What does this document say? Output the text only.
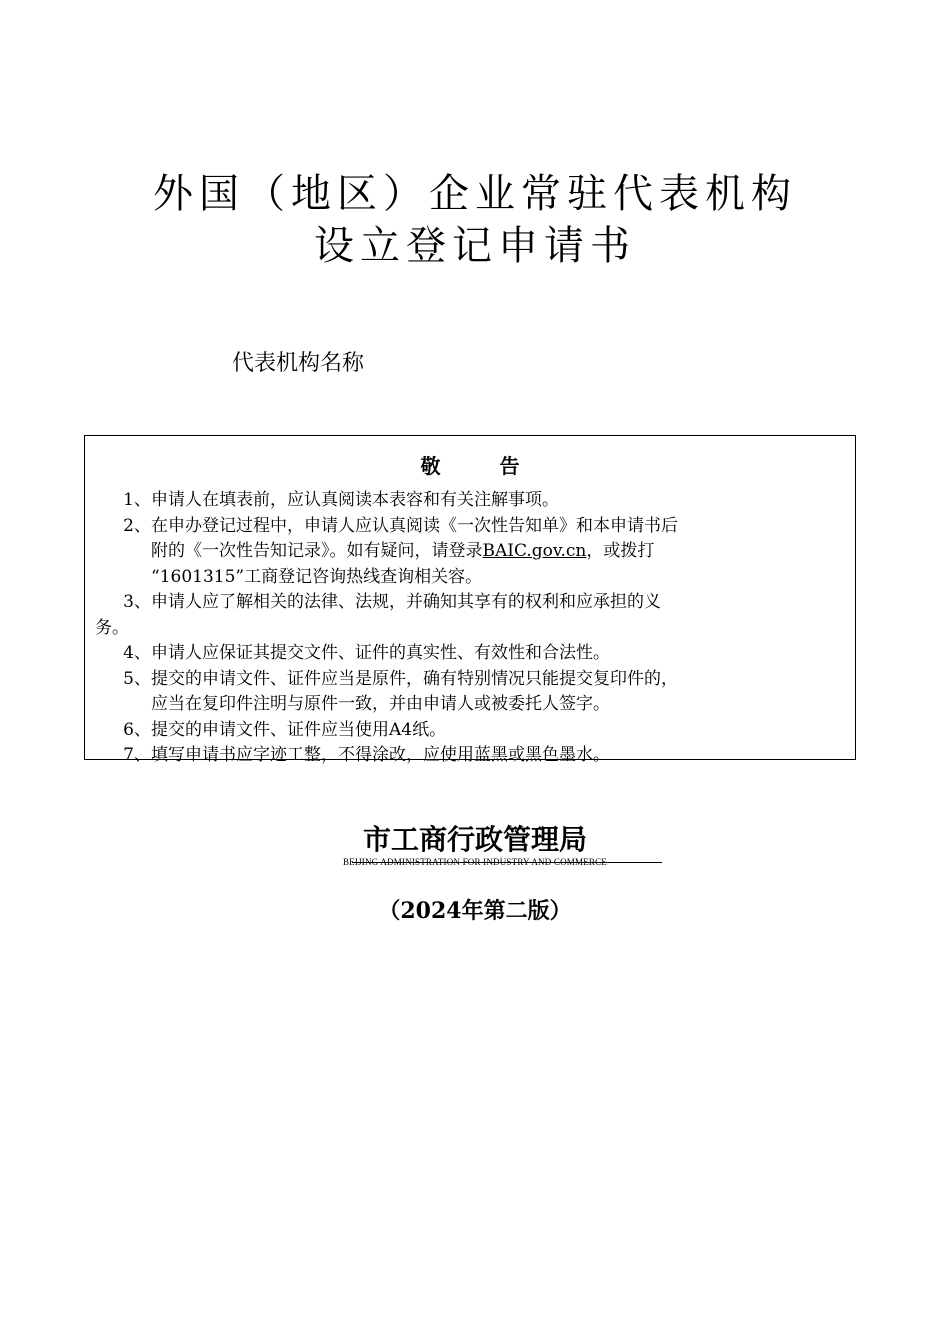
外国（地区）企业常驻代表机构
设立登记申请书
代表机构名称
敬 告
1、申请人在填表前，应认真阅读本表容和有关注解事项。
2、在申办登记过程中，申请人应认真阅读《一次性告知单》和本申请书后
附的《一次性告知记录》。如有疑问，请登录BAIC.gov.cn，或拨打
“1601315”工商登记咨询热线查询相关容。
3、申请人应了解相关的法律、法规，并确知其享有的权利和应承担的义
务。
4、申请人应保证其提交文件、证件的真实性、有效性和合法性。
5、提交的申请文件、证件应当是原件，确有特别情况只能提交复印件的，
应当在复印件注明与原件一致，并由申请人或被委托人签字。
6、提交的申请文件、证件应当使用A4纸。
7、填写申请书应字迹工整，不得涂改，应使用蓝黑或黑色墨水。
市工商行政管理局
BEIJING ADMINISTRATION FOR INDUSTRY AND COMMERCE
（2024年第二版）
